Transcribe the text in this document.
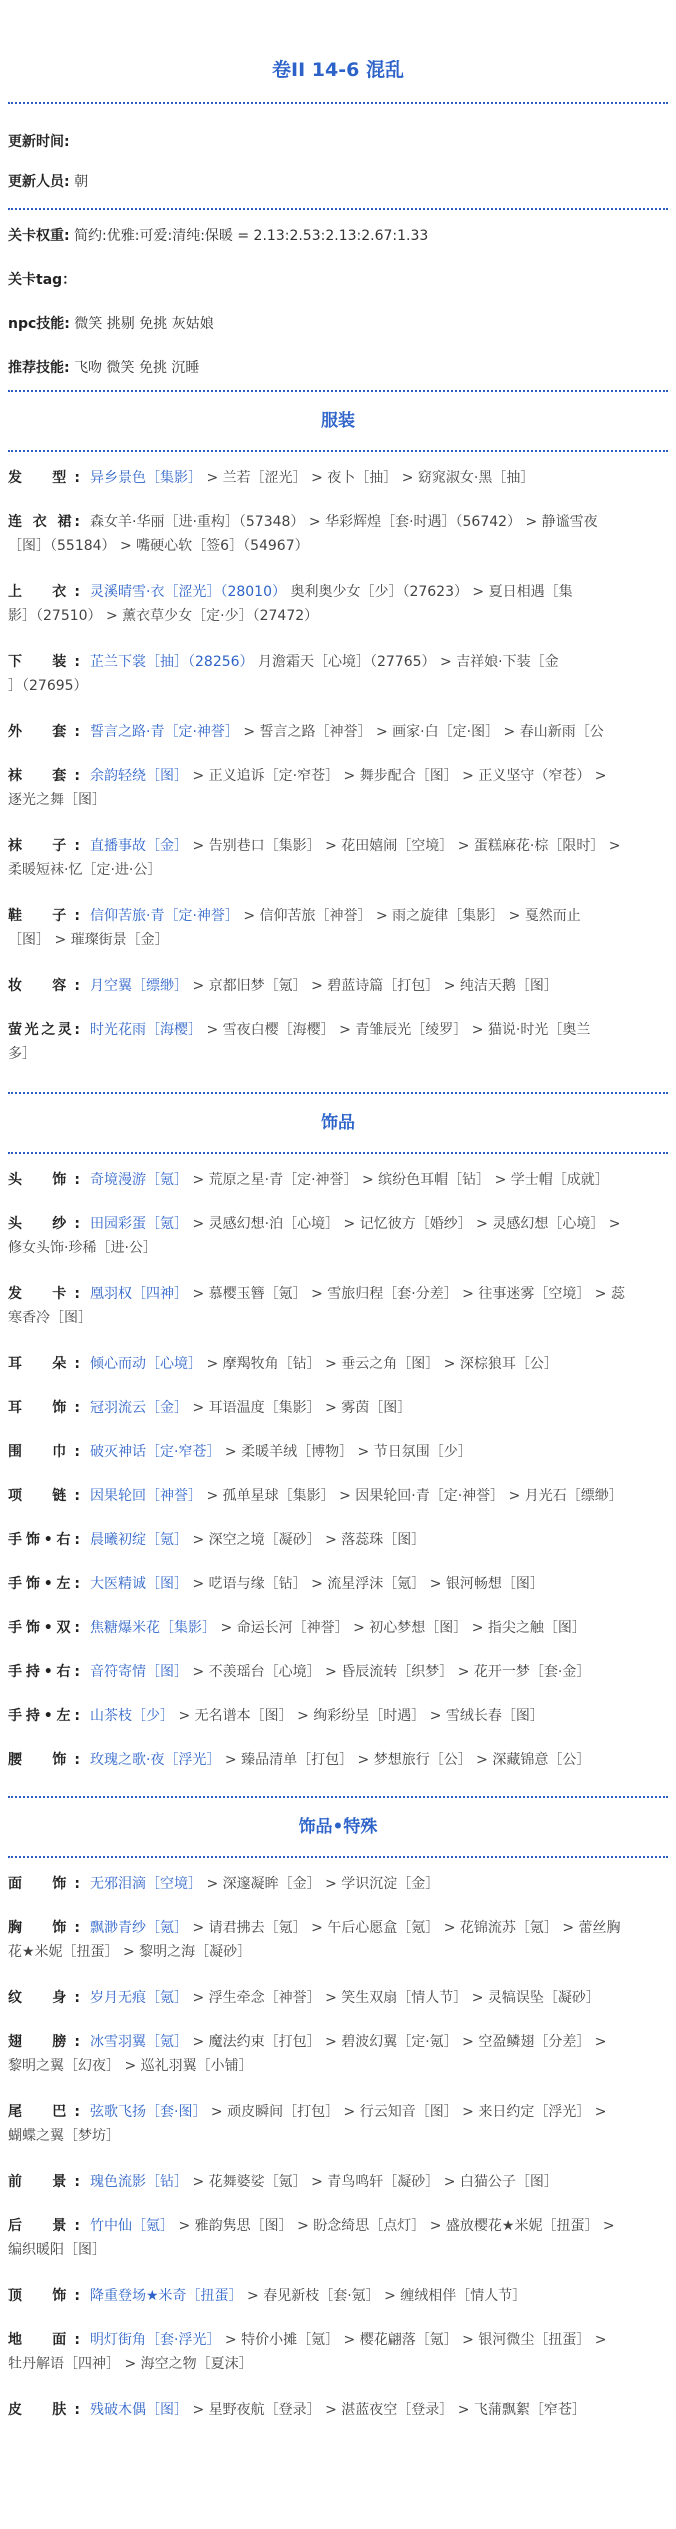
卷II 14-6 混乱
更新时间:
更新人员: 朝
关卡权重: 简约:优雅:可爱:清纯:保暖 = 2.13:2.53:2.13:2.67:1.33
关卡tag：
npc技能: 微笑 挑剔 免挑 灰姑娘
推荐技能: 飞吻 微笑 免挑 沉睡
服装
发　型: 异乡景色［集影］ > 兰若［涩光］ > 夜卜［抽］ > 窈窕淑女·黑［抽］
连 衣 裙: 森女羊·华丽［进·重构］（57348） > 华彩辉煌［套·时遇］（56742） > 静谧雪夜
［图］（55184） > 嘴硬心软［签6］（54967）
上　衣: 灵溪晴雪·衣［涩光］（28010） 奥利奥少女［少］（27623） > 夏日相遇［集
影］（27510） > 薰衣草少女［定·少］（27472）
下　装: 芷兰下裳［抽］（28256） 月澹霜天［心境］（27765） > 吉祥娘·下装［金
］（27695）
外　套: 誓言之路·青［定·神誉］ > 誓言之路［神誉］ > 画家·白［定·图］ > 春山新雨［公
袜　套: 余韵轻绕［图］ > 正义追诉［定·窄苍］ > 舞步配合［图］ > 正义坚守（窄苍） >
逐光之舞［图］
袜　子: 直播事故［金］ > 告别巷口［集影］ > 花田嬉闹［空境］ > 蛋糕麻花·棕［限时］ >
柔暖短袜·忆［定·进·公］
鞋　子: 信仰苦旅·青［定·神誉］ > 信仰苦旅［神誉］ > 雨之旋律［集影］ > 戛然而止
［图］ > 璀璨街景［金］
妆　容: 月空翼［缥缈］ > 京都旧梦［氪］ > 碧蓝诗篇［打包］ > 纯洁天鹅［图］
萤光之灵: 时光花雨［海樱］ > 雪夜白樱［海樱］ > 青雏辰光［绫罗］ > 猫说·时光［奥兰
多］
饰品
头　饰: 奇境漫游［氪］ > 荒原之星·青［定·神誉］ > 缤纷色耳帽［钻］ > 学士帽［成就］
头　纱: 田园彩蛋［氪］ > 灵感幻想·泊［心境］ > 记忆彼方［婚纱］ > 灵感幻想［心境］ >
修女头饰·珍稀［进·公］
发　卡: 凰羽权［四神］ > 慕樱玉簪［氪］ > 雪旅归程［套·分差］ > 往事迷雾［空境］ > 蕊
寒香冷［图］
耳　朵: 倾心而动［心境］ > 摩羯牧角［钻］ > 垂云之角［图］ > 深棕狼耳［公］
耳　饰: 冠羽流云［金］ > 耳语温度［集影］ > 雾茵［图］
围　巾: 破灭神话［定·窄苍］ > 柔暖羊绒［博物］ > 节日氛围［少］
项　链: 因果轮回［神誉］ > 孤单星球［集影］ > 因果轮回·青［定·神誉］ > 月光石［缥缈］
手饰•右: 晨曦初绽［氪］ > 深空之境［凝砂］ > 落蕊珠［图］
手饰•左: 大医精诚［图］ > 呓语与缘［钻］ > 流星浮沫［氪］ > 银河畅想［图］
手饰•双: 焦糖爆米花［集影］ > 命运长河［神誉］ > 初心梦想［图］ > 指尖之触［图］
手持•右: 音符寄情［图］ > 不羡瑶台［心境］ > 昏辰流转［织梦］ > 花开一梦［套·金］
手持•左: 山茶枝［少］ > 无名谱本［图］ > 绚彩纷呈［时遇］ > 雪绒长春［图］
腰　饰: 玫瑰之歌·夜［浮光］ > 臻品清单［打包］ > 梦想旅行［公］ > 深藏锦意［公］
饰品•特殊
面　饰: 无邪泪滴［空境］ > 深邃凝眸［金］ > 学识沉淀［金］
胸　饰: 飘渺青纱［氪］ > 请君拂去［氪］ > 午后心愿盒［氪］ > 花锦流苏［氪］ > 蕾丝胸
花★米妮［扭蛋］ > 黎明之海［凝砂］
纹　身: 岁月无痕［氪］ > 浮生牵念［神誉］ > 笑生双扇［情人节］ > 灵犒误坠［凝砂］
翅　膀: 冰雪羽翼［氪］ > 魔法约束［打包］ > 碧波幻翼［定·氪］ > 空盈鳞翅［分差］ >
黎明之翼［幻夜］ > 巡礼羽翼［小铺］
尾　巴: 弦歌飞扬［套·图］ > 顽皮瞬间［打包］ > 行云知音［图］ > 来日约定［浮光］ >
蝴蝶之翼［梦坊］
前　景: 瑰色流影［钻］ > 花舞婆娑［氪］ > 青鸟鸣轩［凝砂］ > 白猫公子［图］
后　景: 竹中仙［氪］ > 雅韵隽思［图］ > 盼念绮思［点灯］ > 盛放樱花★米妮［扭蛋］ >
编织暖阳［图］
顶　饰: 降重登场★米奇［扭蛋］ > 春见新枝［套·氪］ > 缠绒相伴［情人节］
地　面: 明灯街角［套·浮光］ > 特价小摊［氪］ > 樱花翩落［氪］ > 银河微尘［扭蛋］ >
牡丹解语［四神］ > 海空之物［夏沫］
皮　肤: 残破木偶［图］ > 星野夜航［登录］ > 湛蓝夜空［登录］ > 飞蒲飘絮［窄苍］
